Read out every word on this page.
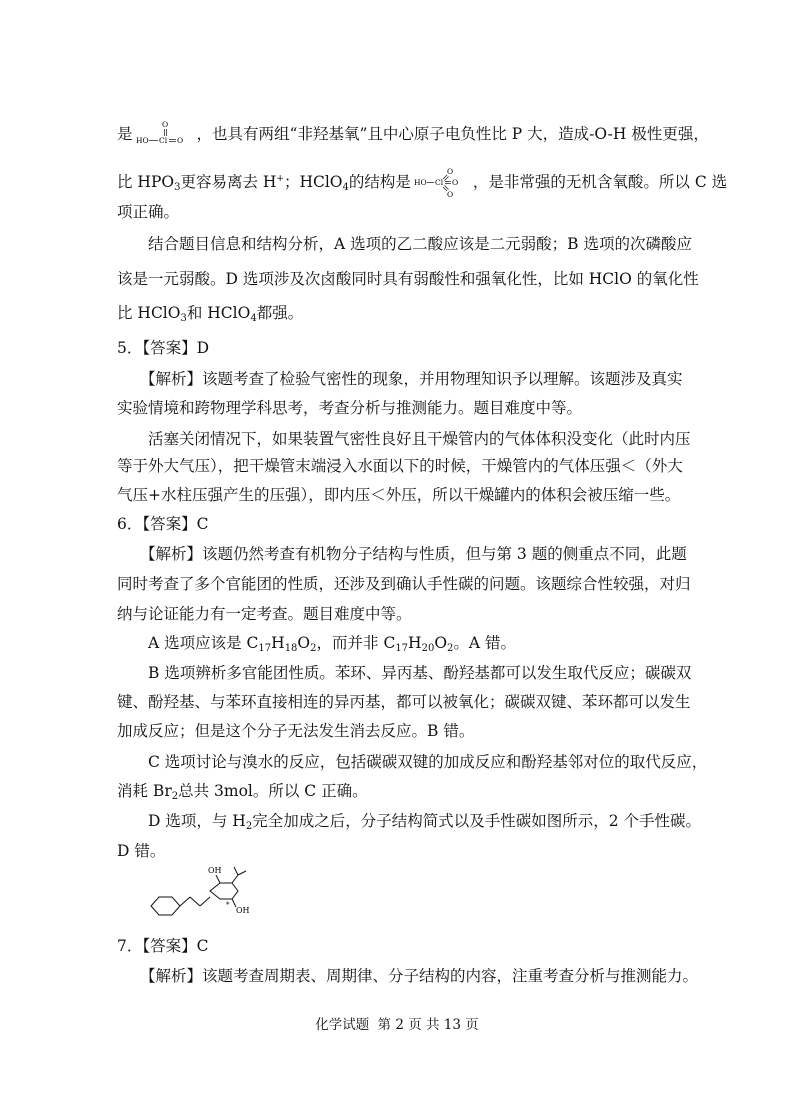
是
O
HO Cl O ，也具有两组“非羟基氧”且中心原子电负性比 P 大，造成-O-H 极性更强，
比 $HPO_3$更容易离去 H+；HClO$_4$的结构是
O
HO Cl O
O
，是非常强的无机含氧酸。所以 C 选
项正确。
结合题目信息和结构分析，A 选项的乙二酸应该是二元弱酸；B 选项的次磷酸应
该是一元弱酸。D 选项涉及次卤酸同时具有弱酸性和强氧化性，比如 HClO 的氧化性
比 HClO$_3$和 HClO$_4$都强。
5．【答案】D
【解析】该题考查了检验气密性的现象，并用物理知识予以理解。该题涉及真实
实验情境和跨物理学科思考，考查分析与推测能力。题目难度中等。
活塞关闭情况下，如果装置气密性良好且干燥管内的气体体积没变化（此时内压
等于外大气压），把干燥管末端浸入水面以下的时候，干燥管内的气体压强＜（外大
气压+水柱压强产生的压强），即内压＜外压，所以干燥罐内的体积会被压缩一些。
6．【答案】C
【解析】该题仍然考查有机物分子结构与性质，但与第 3 题的侧重点不同，此题
同时考查了多个官能团的性质，还涉及到确认手性碳的问题。该题综合性较强，对归
纳与论证能力有一定考查。题目难度中等。
A 选项应该是 $C_{17}H_{18}O_2$，而并非 $C_{17}H_{20}O_2$。A 错。
B 选项辨析多官能团性质。苯环、异丙基、酚羟基都可以发生取代反应；碳碳双
键、酚羟基、与苯环直接相连的异丙基，都可以被氧化；碳碳双键、苯环都可以发生
加成反应；但是这个分子无法发生消去反应。B 错。
C 选项讨论与溴水的反应，包括碳碳双键的加成反应和酚羟基邻对位的取代反应，
消耗 $Br_2$总共 3mol。所以 C 正确。
D 选项，与 $H_2$完全加成之后，分子结构简式以及手性碳如图所示，2 个手性碳。
D 错。
OH
OH
*
7．【答案】C
【解析】该题考查周期表、周期律、分子结构的内容，注重考查分析与推测能力。
化学试题 第 2 页 共 13 页
